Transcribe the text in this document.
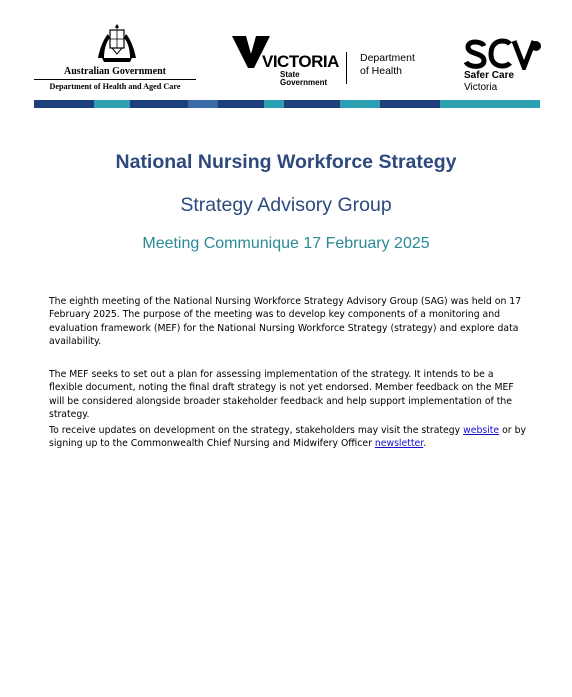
Australian Government
Department of Health and Aged Care
VICTORIA
State
Government
Department
of Health	Safer Care
Victoria
National Nursing Workforce Strategy
Strategy Advisory Group
Meeting Communique 17 February 2025
The eighth meeting of the National Nursing Workforce Strategy Advisory Group (SAG) was held on 17 February 2025. The purpose of the meeting was to develop key components of a monitoring and evaluation framework (MEF) for the National Nursing Workforce Strategy (strategy) and explore data availability.
The MEF seeks to set out a plan for assessing implementation of the strategy. It intends to be a flexible document, noting the final draft strategy is not yet endorsed. Member feedback on the MEF will be considered alongside broader stakeholder feedback and help support implementation of the strategy.
To receive updates on development on the strategy, stakeholders may visit the strategy website or by signing up to the Commonwealth Chief Nursing and Midwifery Officer newsletter.
